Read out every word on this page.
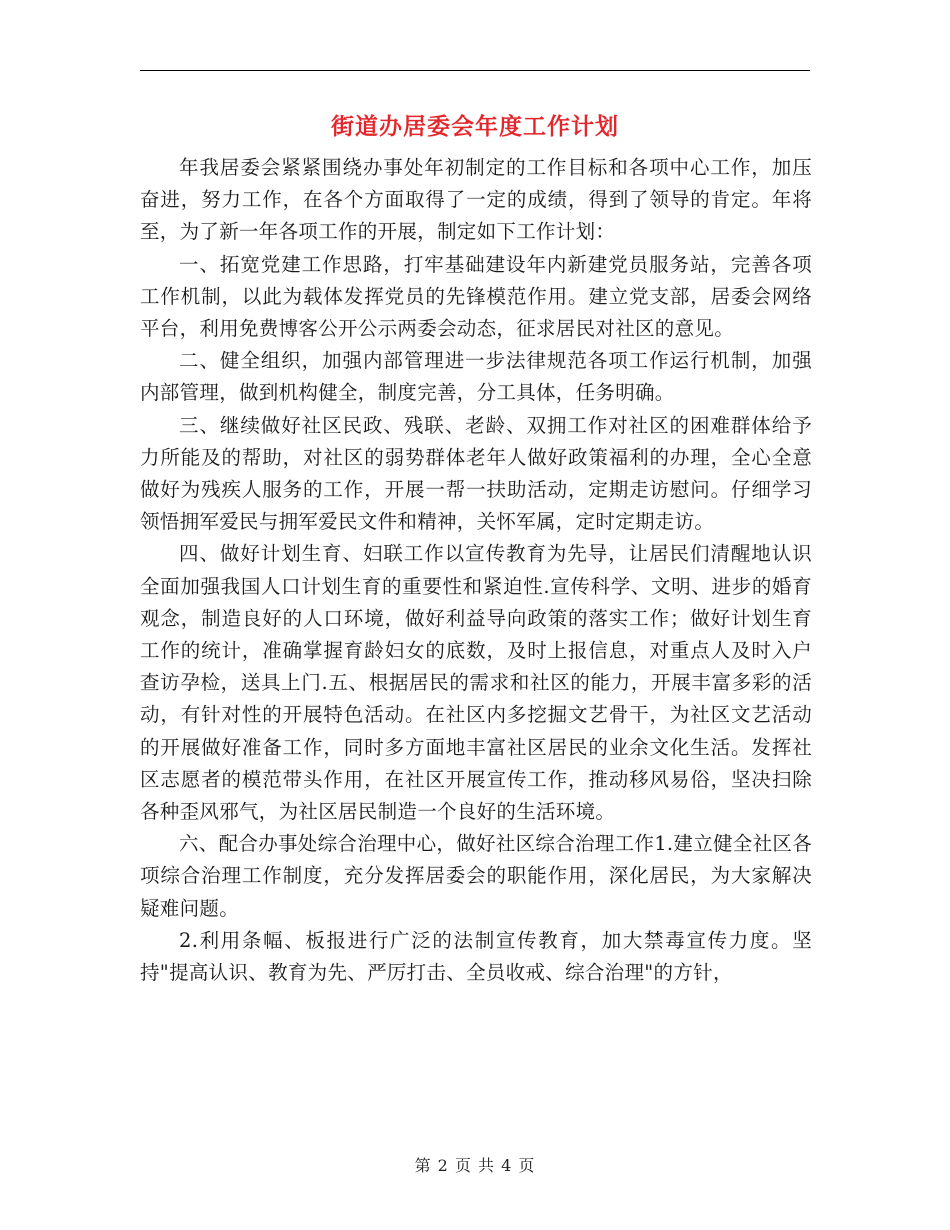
街道办居委会年度工作计划

年我居委会紧紧围绕办事处年初制定的工作目标和各项中心工作，加压奋进，努力工作，在各个方面取得了一定的成绩，得到了领导的肯定。年将至，为了新一年各项工作的开展，制定如下工作计划：

一、拓宽党建工作思路，打牢基础建设年内新建党员服务站，完善各项工作机制，以此为载体发挥党员的先锋模范作用。建立党支部，居委会网络平台，利用免费博客公开公示两委会动态，征求居民对社区的意见。

二、健全组织，加强内部管理进一步法律规范各项工作运行机制，加强内部管理，做到机构健全，制度完善，分工具体，任务明确。

三、继续做好社区民政、残联、老龄、双拥工作对社区的困难群体给予力所能及的帮助，对社区的弱势群体老年人做好政策福利的办理，全心全意做好为残疾人服务的工作，开展一帮一扶助活动，定期走访慰问。仔细学习领悟拥军爱民与拥军爱民文件和精神，关怀军属，定时定期走访。

四、做好计划生育、妇联工作以宣传教育为先导，让居民们清醒地认识全面加强我国人口计划生育的重要性和紧迫性.宣传科学、文明、进步的婚育观念，制造良好的人口环境，做好利益导向政策的落实工作；做好计划生育工作的统计，准确掌握育龄妇女的底数，及时上报信息，对重点人及时入户查访孕检，送具上门.五、根据居民的需求和社区的能力，开展丰富多彩的活动，有针对性的开展特色活动。在社区内多挖掘文艺骨干，为社区文艺活动的开展做好准备工作，同时多方面地丰富社区居民的业余文化生活。发挥社区志愿者的模范带头作用，在社区开展宣传工作，推动移风易俗，坚决扫除各种歪风邪气，为社区居民制造一个良好的生活环境。

六、配合办事处综合治理中心，做好社区综合治理工作1.建立健全社区各项综合治理工作制度，充分发挥居委会的职能作用，深化居民，为大家解决疑难问题。

2.利用条幅、板报进行广泛的法制宣传教育，加大禁毒宣传力度。坚持"提高认识、教育为先、严厉打击、全员收戒、综合治理"的方针，

第 2 页 共 4 页
